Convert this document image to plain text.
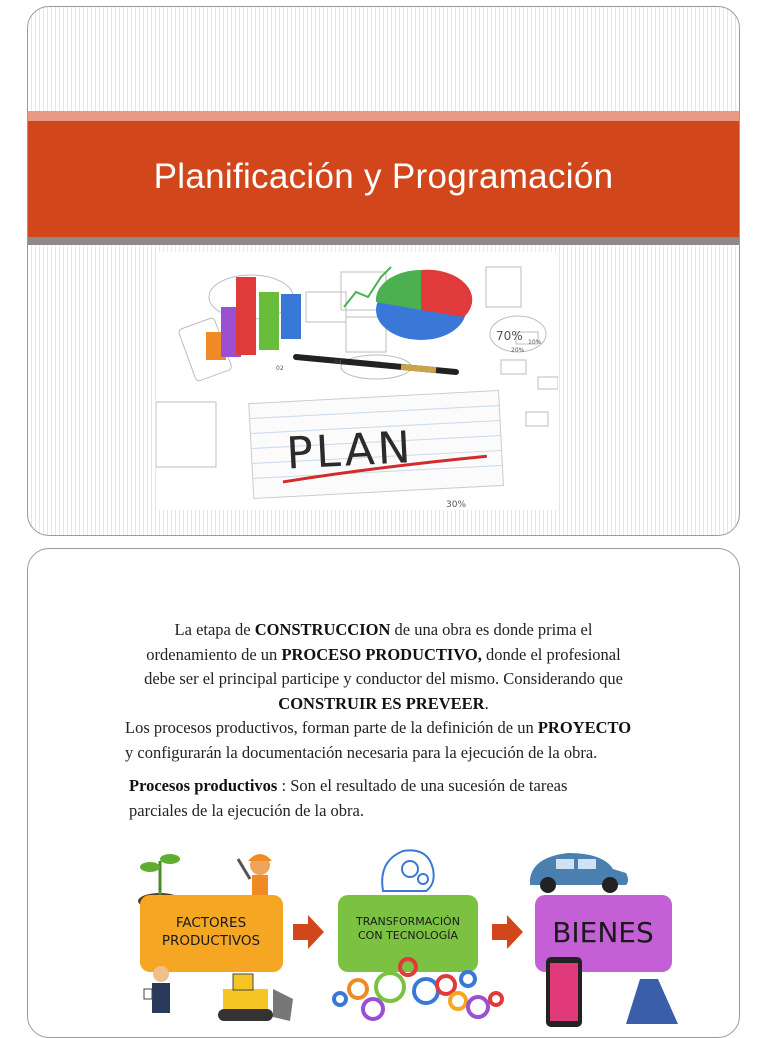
Planificación y Programación
PLAN
70%
30%
10%
20%
02
04
La etapa de CONSTRUCCION de una obra es donde prima el
ordenamiento de un PROCESO PRODUCTIVO, donde el profesional
debe ser el principal participe y conductor del mismo. Considerando que
CONSTRUIR ES PREVEER.
Los procesos productivos, forman parte de la definición de un PROYECTO
y configurarán la documentación necesaria para la ejecución de la obra.
Procesos productivos : Son el resultado de una sucesión de tareas
parciales de la ejecución de la obra.
FACTORES
PRODUCTIVOS
TRANSFORMACIÓN
CON TECNOLOGÍA	BIENES
